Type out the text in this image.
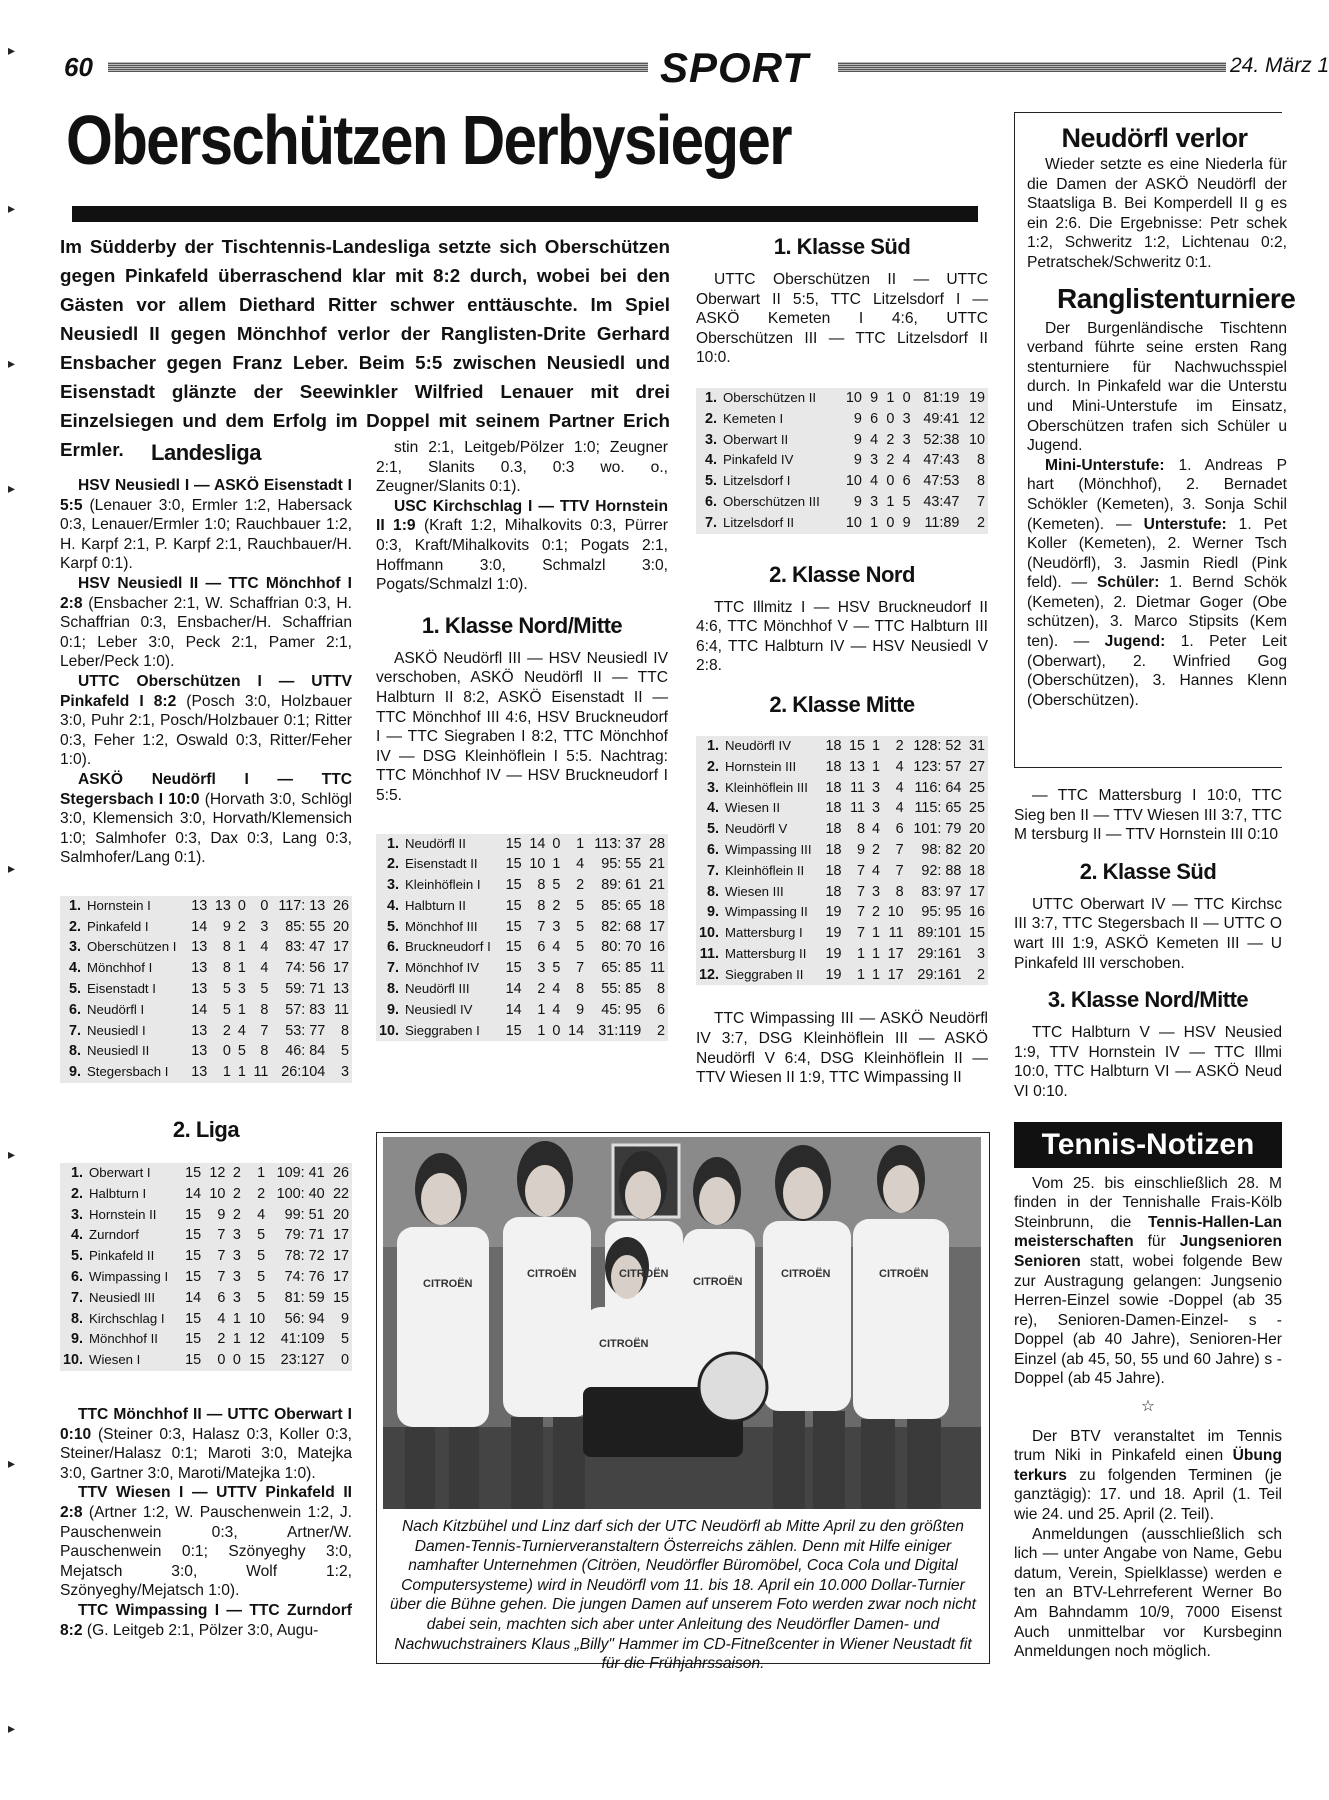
▸
▸
▸
▸
▸
▸
▸
▸
60	SPORT	24. März 1
Oberschützen Derbysieger
Im Südderby der Tischtennis-Landesliga setzte sich Oberschützen gegen Pinkafeld überraschend klar mit 8:2 durch, wobei bei den Gästen vor allem Diethard Ritter schwer enttäuschte. Im Spiel Neusiedl II gegen Mönchhof verlor der Ranglisten-Drite Gerhard Ensbacher gegen Franz Leber. Beim 5:5 zwischen Neusiedl und Eisenstadt glänzte der Seewinkler Wilfried Lenauer mit drei Einzelsiegen und dem Erfolg im Doppel mit seinem Partner Erich Ermler.	Landesliga

HSV Neusiedl I — ASKÖ Eisenstadt I 5:5 (Lenauer 3:0, Ermler 1:2, Habersack 0:3, Lenauer/Ermler 1:0; Rauchbauer 1:2, H. Karpf 2:1, P. Karpf 2:1, Rauchbauer/H. Karpf 0:1).

HSV Neusiedl II — TTC Mönchhof I 2:8 (Ensbacher 2:1, W. Schaffrian 0:3, H. Schaffrian 0:3, Ensbacher/H. Schaffrian 0:1; Leber 3:0, Peck 2:1, Pamer 2:1, Leber/Peck 1:0).

UTTC Oberschützen I — UTTV Pinkafeld I 8:2 (Posch 3:0, Holzbauer 3:0, Puhr 2:1, Posch/Holzbauer 0:1; Ritter 0:3, Feher 1:2, Oswald 0:3, Ritter/Feher 1:0).

ASKÖ Neudörfl I — TTC Stegersbach I 10:0 (Horvath 3:0, Schlögl 3:0, Klemensich 3:0, Horvath/Klemensich 1:0; Salmhofer 0:3, Dax 0:3, Lang 0:3, Salmhofer/Lang 0:1).

1.	Hornstein I	13	13	0	0	117: 13	26
2.	Pinkafeld I	14	9	2	3	85: 55	20
3.	Oberschützen I	13	8	1	4	83: 47	17
4.	Mönchhof I	13	8	1	4	74: 56	17
5.	Eisenstadt I	13	5	3	5	59: 71	13
6.	Neudörfl I	14	5	1	8	57: 83	11
7.	Neusiedl I	13	2	4	7	53: 77	8
8.	Neusiedl II	13	0	5	8	46: 84	5
9.	Stegersbach I	13	1	1	11	26:104	3
2. Liga
1.	Oberwart I	15	12	2	1	109: 41	26
2.	Halbturn I	14	10	2	2	100: 40	22
3.	Hornstein II	15	9	2	4	99: 51	20
4.	Zurndorf	15	7	3	5	79: 71	17
5.	Pinkafeld II	15	7	3	5	78: 72	17
6.	Wimpassing I	15	7	3	5	74: 76	17
7.	Neusiedl III	14	6	3	5	81: 59	15
8.	Kirchschlag I	15	4	1	10	56: 94	9
9.	Mönchhof II	15	2	1	12	41:109	5
10.	Wiesen I	15	0	0	15	23:127	0

TTC Mönchhof II — UTTC Oberwart I 0:10 (Steiner 0:3, Halasz 0:3, Koller 0:3, Steiner/Halasz 0:1; Maroti 3:0, Matejka 3:0, Gartner 3:0, Maroti/Matejka 1:0).

TTV Wiesen I — UTTV Pinkafeld II 2:8 (Artner 1:2, W. Pauschenwein 1:2, J. Pauschenwein 0:3, Artner/W. Pauschenwein 0:1; Szönyeghy 3:0, Mejatsch 3:0, Wolf 1:2, Szönyeghy/Mejatsch 1:0).

TTC Wimpassing I — TTC Zurndorf 8:2 (G. Leitgeb 2:1, Pölzer 3:0, Augu-

stin 2:1, Leitgeb/Pölzer 1:0; Zeugner 2:1, Slanits 0.3, 0:3 wo. o., Zeugner/Slanits 0:1).

USC Kirchschlag I — TTV Hornstein II 1:9 (Kraft 1:2, Mihalkovits 0:3, Pürrer 0:3, Kraft/Mihalkovits 0:1; Pogats 2:1, Hoffmann 3:0, Schmalzl 3:0, Pogats/Schmalzl 1:0).

1. Klasse Nord/Mitte

ASKÖ Neudörfl III — HSV Neusiedl IV verschoben, ASKÖ Neudörfl II — TTC Halbturn II 8:2, ASKÖ Eisenstadt II — TTC Mönchhof III 4:6, HSV Bruckneudorf I — TTC Siegraben I 8:2, TTC Mönchhof IV — DSG Kleinhöflein I 5:5. Nachtrag: TTC Mönchhof IV — HSV Bruckneudorf I 5:5.

1.	Neudörfl II	15	14	0	1	113: 37	28
2.	Eisenstadt II	15	10	1	4	95: 55	21
3.	Kleinhöflein I	15	8	5	2	89: 61	21
4.	Halbturn II	15	8	2	5	85: 65	18
5.	Mönchhof III	15	7	3	5	82: 68	17
6.	Bruckneudorf I	15	6	4	5	80: 70	16
7.	Mönchhof IV	15	3	5	7	65: 85	11
8.	Neudörfl III	14	2	4	8	55: 85	8
9.	Neusiedl IV	14	1	4	9	45: 95	6
10.	Sieggraben I	15	1	0	14	31:119	2
1. Klasse Süd

UTTC Oberschützen II — UTTC Oberwart II 5:5, TTC Litzelsdorf I — ASKÖ Kemeten I 4:6, UTTC Oberschützen III — TTC Litzelsdorf II 10:0.

1.	Oberschützen II	10	9	1	0	81:19	19
2.	Kemeten I	9	6	0	3	49:41	12
3.	Oberwart II	9	4	2	3	52:38	10
4.	Pinkafeld IV	9	3	2	4	47:43	8
5.	Litzelsdorf I	10	4	0	6	47:53	8
6.	Oberschützen III	9	3	1	5	43:47	7
7.	Litzelsdorf II	10	1	0	9	11:89	2
2. Klasse Nord

TTC Illmitz I — HSV Bruckneudorf II 4:6, TTC Mönchhof V — TTC Halbturn III 6:4, TTC Halbturn IV — HSV Neusiedl V 2:8.

2. Klasse Mitte
1.	Neudörfl IV	18	15	1	2	128: 52	31
2.	Hornstein III	18	13	1	4	123: 57	27
3.	Kleinhöflein III	18	11	3	4	116: 64	25
4.	Wiesen II	18	11	3	4	115: 65	25
5.	Neudörfl V	18	8	4	6	101: 79	20
6.	Wimpassing III	18	9	2	7	98: 82	20
7.	Kleinhöflein II	18	7	4	7	92: 88	18
8.	Wiesen III	18	7	3	8	83: 97	17
9.	Wimpassing II	19	7	2	10	95: 95	16
10.	Mattersburg I	19	7	1	11	89:101	15
11.	Mattersburg II	19	1	1	17	29:161	3
12.	Sieggraben II	19	1	1	17	29:161	2

TTC Wimpassing III — ASKÖ Neudörfl IV 3:7, DSG Kleinhöflein III — ASKÖ Neudörfl V 6:4, DSG Kleinhöflein II — TTV Wiesen II 1:9, TTC Wimpassing II

CITROËN
CITROËN	CITROËN
CITROËN
CITROËN	CITROËN
CITROËN
Nach Kitzbühel und Linz darf sich der UTC Neudörfl ab Mitte April zu den größten Damen-Tennis-Turnierveranstaltern Österreichs zählen. Denn mit Hilfe einiger namhafter Unternehmen (Citröen, Neudörfler Büromöbel, Coca Cola und Digital Computersysteme) wird in Neudörfl vom 11. bis 18. April ein 10.000 Dollar-Turnier über die Bühne gehen. Die jungen Damen auf unserem Foto werden zwar noch nicht dabei sein, machten sich aber unter Anleitung des Neudörfler Damen- und Nachwuchstrainers Klaus „Billy" Hammer im CD-Fitneßcenter in Wiener Neustadt fit für die Frühjahrssaison.
Neudörfl verlor

Wieder setzte es eine Niederla für die Damen der ASKÖ Neudörfl der Staatsliga B. Bei Komperdell II g es ein 2:6. Die Ergebnisse: Petr schek 1:2, Schweritz 1:2, Lichtenau 0:2, Petratschek/Schweritz 0:1.

Ranglistenturniere

Der Burgenländische Tischtenn verband führte seine ersten Rang stenturniere für Nachwuchsspiel durch. In Pinkafeld war die Unterstu und Mini-Unterstufe im Einsatz, Oberschützen trafen sich Schüler u Jugend.

Mini-Unterstufe: 1. Andreas P hart (Mönchhof), 2. Bernadet Schökler (Kemeten), 3. Sonja Schil (Kemeten). — Unterstufe: 1. Pet Koller (Kemeten), 2. Werner Tsch (Neudörfl), 3. Jasmin Riedl (Pink feld). — Schüler: 1. Bernd Schök (Kemeten), 2. Dietmar Goger (Obe schützen), 3. Marco Stipsits (Kem ten). — Jugend: 1. Peter Leit (Oberwart), 2. Winfried Gog (Oberschützen), 3. Hannes Klenn (Oberschützen).

— TTC Mattersburg I 10:0, TTC Sieg ben II — TTV Wiesen III 3:7, TTC M tersburg II — TTV Hornstein III 0:10

2. Klasse Süd

UTTC Oberwart IV — TTC Kirchsc III 3:7, TTC Stegersbach II — UTTC O wart III 1:9, ASKÖ Kemeten III — U Pinkafeld III verschoben.

3. Klasse Nord/Mitte

TTC Halbturn V — HSV Neusied 1:9, TTV Hornstein IV — TTC Illmi 10:0, TTC Halbturn VI — ASKÖ Neud VI 0:10.

Tennis-Notizen

Vom 25. bis einschließlich 28. M finden in der Tennishalle Frais-Kölb Steinbrunn, die Tennis-Hallen-Lan meisterschaften für Jungsenioren Senioren statt, wobei folgende Bew zur Austragung gelangen: Jungsenio Herren-Einzel sowie -Doppel (ab 35 re), Senioren-Damen-Einzel- s -Doppel (ab 40 Jahre), Senioren-Her Einzel (ab 45, 50, 55 und 60 Jahre) s -Doppel (ab 45 Jahre).

☆

Der BTV veranstaltet im Tennis trum Niki in Pinkafeld einen Übung terkurs zu folgenden Terminen (je ganztägig): 17. und 18. April (1. Teil wie 24. und 25. April (2. Teil).

Anmeldungen (ausschließlich sch lich — unter Angabe von Name, Gebu datum, Verein, Spielklasse) werden e ten an BTV-Lehrreferent Werner Bo Am Bahndamm 10/9, 7000 Eisenst Auch unmittelbar vor Kursbeginn Anmeldungen noch möglich.
